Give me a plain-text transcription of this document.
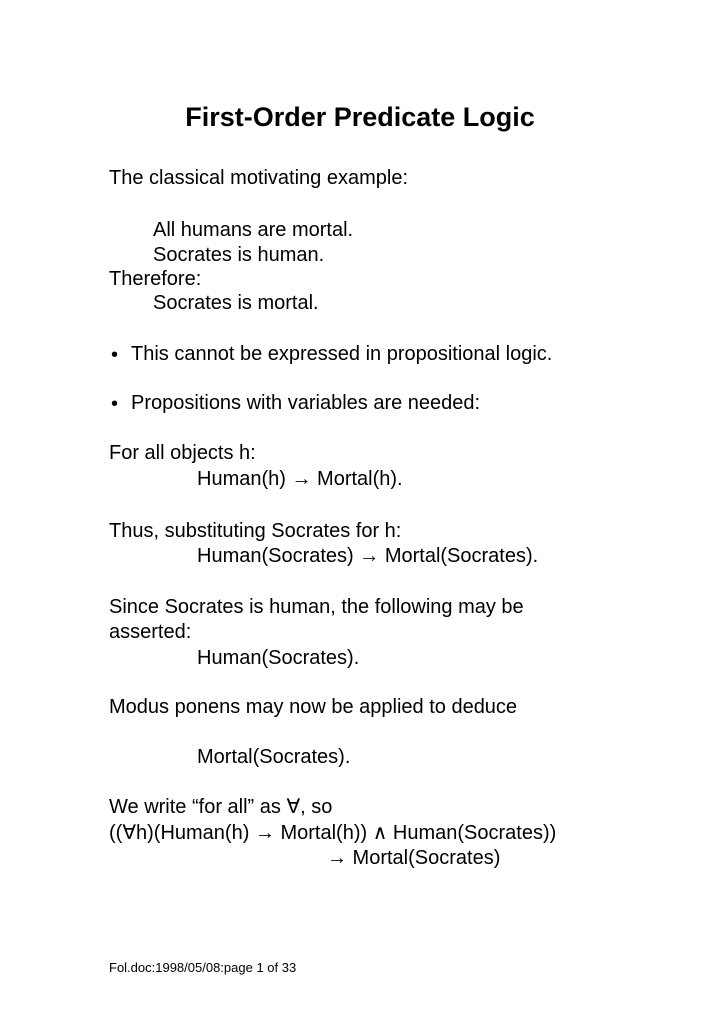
First-Order Predicate Logic
The classical motivating example:
All humans are mortal.
Socrates is human.
Therefore:
Socrates is mortal.
• This cannot be expressed in propositional logic.
• Propositions with variables are needed:
For all objects h:
Human(h) → Mortal(h).
Thus, substituting Socrates for h:
Human(Socrates) → Mortal(Socrates).
Since Socrates is human, the following may be
asserted:
Human(Socrates).
Modus ponens may now be applied to deduce
Mortal(Socrates).
We write “for all” as ∀, so
((∀h)(Human(h) → Mortal(h)) ∧ Human(Socrates))
→ Mortal(Socrates)
Fol.doc:1998/05/08:page 1 of 33
